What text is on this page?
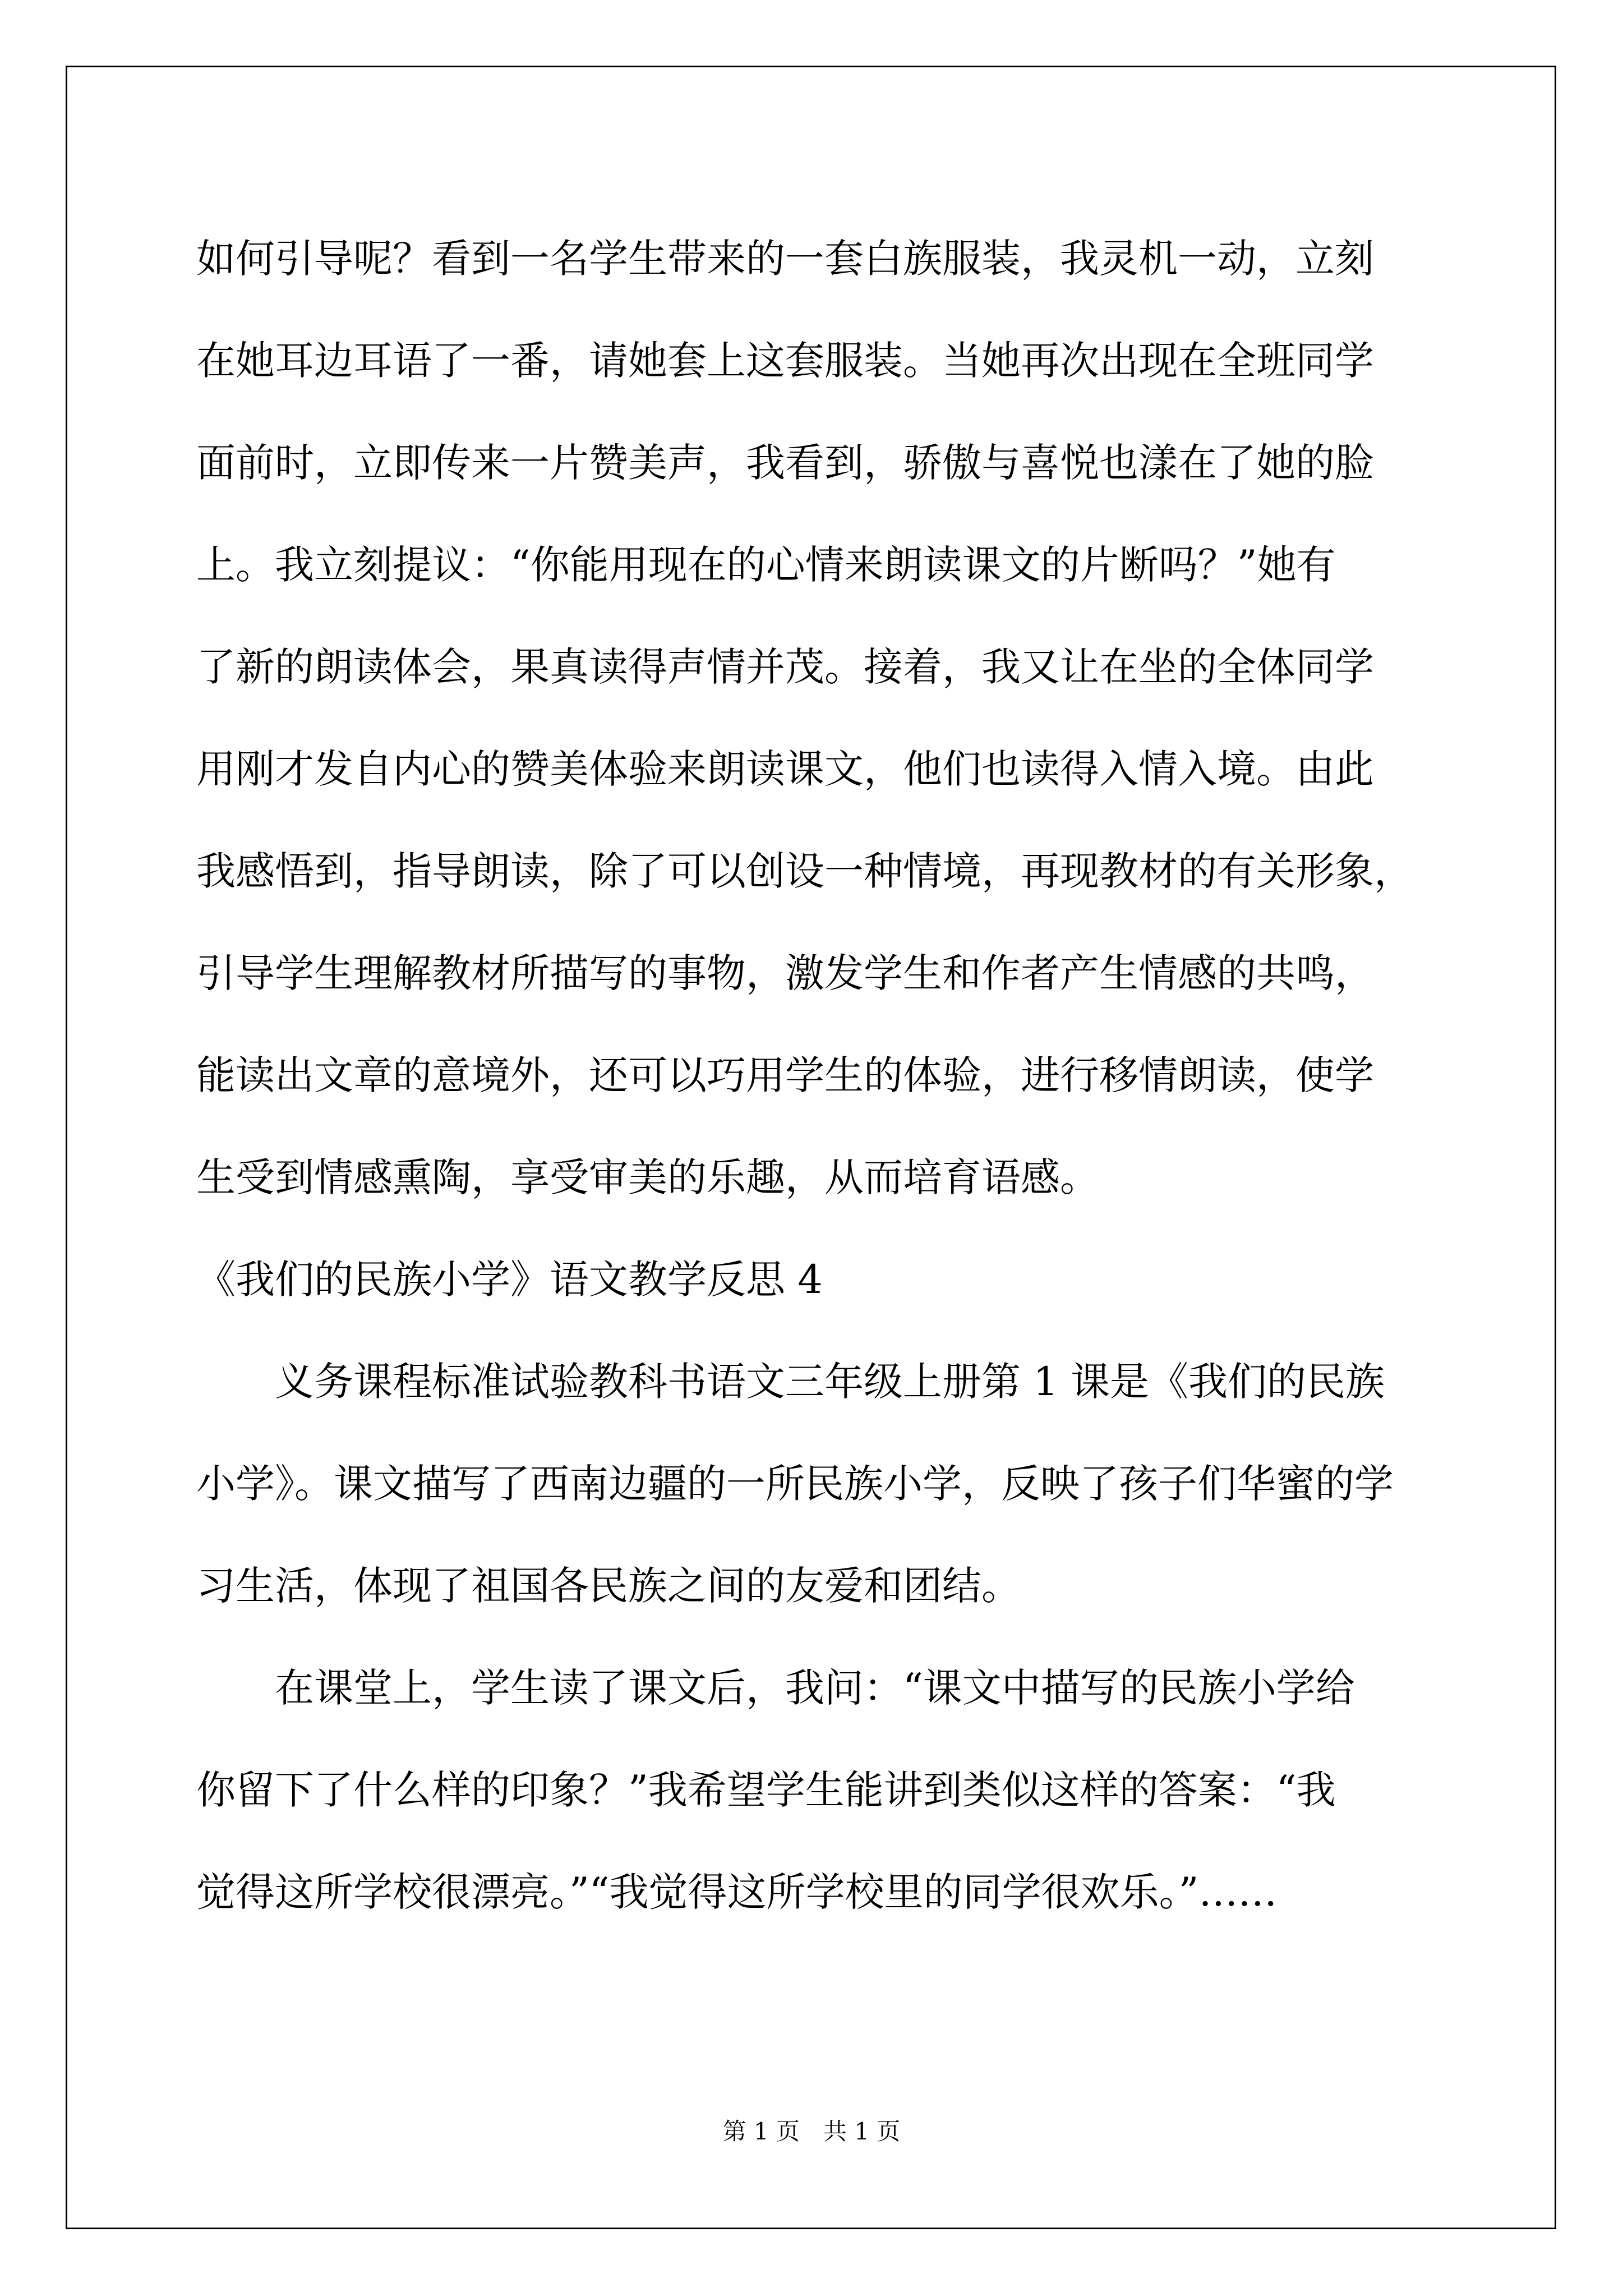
如何引导呢？看到一名学生带来的一套白族服装，我灵机一动，立刻
在她耳边耳语了一番，请她套上这套服装。当她再次出现在全班同学
面前时，立即传来一片赞美声，我看到，骄傲与喜悦也漾在了她的脸
上。我立刻提议：“你能用现在的心情来朗读课文的片断吗？”她有
了新的朗读体会，果真读得声情并茂。接着，我又让在坐的全体同学
用刚才发自内心的赞美体验来朗读课文，他们也读得入情入境。由此
我感悟到，指导朗读，除了可以创设一种情境，再现教材的有关形象，
引导学生理解教材所描写的事物，激发学生和作者产生情感的共鸣，
能读出文章的意境外，还可以巧用学生的体验，进行移情朗读，使学
生受到情感熏陶，享受审美的乐趣，从而培育语感。
《我们的民族小学》语文教学反思 4
义务课程标准试验教科书语文三年级上册第 1 课是《我们的民族
小学》。课文描写了西南边疆的一所民族小学，反映了孩子们华蜜的学
习生活，体现了祖国各民族之间的友爱和团结。
在课堂上，学生读了课文后，我问：“课文中描写的民族小学给
你留下了什么样的印象？”我希望学生能讲到类似这样的答案：“我
觉得这所学校很漂亮。”“我觉得这所学校里的同学很欢乐。”……
第 1 页　共 1 页
